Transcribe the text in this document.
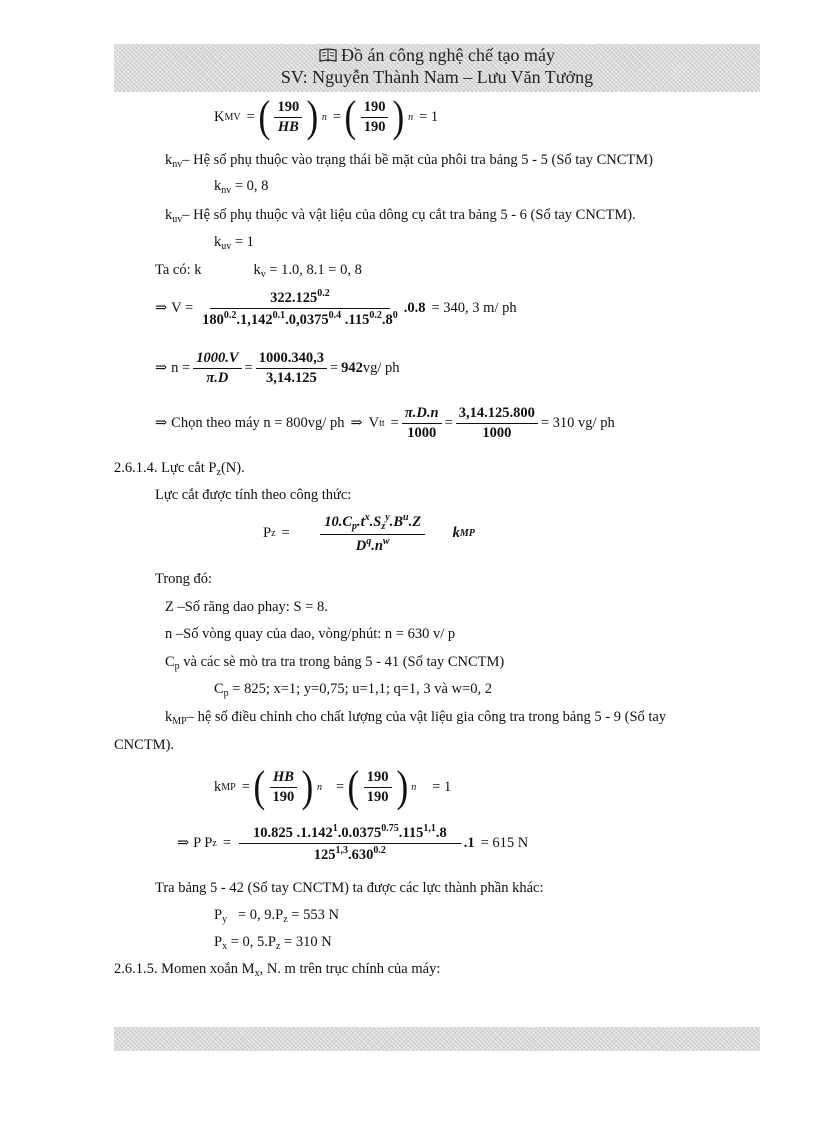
Đồ án công nghệ chế tạo máy
SV: Nguyễn Thành Nam – Lưu Văn Tưởng
K MV = ( $\frac{190}{HB}$ ) n = ( $\frac{190}{190}$ ) n = 1
$k_{nv}-$ Hệ số phụ thuộc vào trạng thái bề mặt của phôi tra bảng 5 - 5 (Sổ tay CNCTM)
$k_{nv} = 0$, 8
$k_{uv}-$ Hệ số phụ thuộc và vật liệu của dông cụ cắt tra bảng 5 - 6 (Sổ tay CNCTM).
$k_{uv} = 1$
Ta có: k	$k_v = 1.0$, 8.1 = 0, 8
⇒ $V = \frac{322.125^{0.2}}{180^{0.2}.1,142^{0.1}.0,0375^{0.4} .115^{0.2}.8^0} .0.8 = 340$, 3 m/ ph
⇒ $n = \frac{1000.V}{\pi.D} = \frac{1000.340,3}{3,14.125} = 942$ vg/ ph
⇒ Chọn theo máy n = 800vg/ ph ⇒ V tt = $\frac{\pi.D.n}{1000} = \frac{3,14.125.800}{1000} = 310$ vg/ ph
2.6.1.4. Lực cắt $P_z(N)$.
Lực cắt được tính theo công thức:
P $z = \frac{10.C_p.t^x.S_z^y.B^u.Z}{D^q.n^w}$ k MP
Trong đó:
Z –Số răng dao phay: S = 8.
n –Số vòng quay của dao, vòng/phút: n = 630 v/ p
$C_p$ và các sè mò tra tra trong bảng 5 - 41 (Sổ tay CNCTM)
$C_p = 825$; x=1; y=0,75; u=1,1; q=1, 3 và w=0, 2
$k_{MP}-$ hệ số điều chỉnh cho chất lượng của vật liệu gia công tra trong bảng 5 - 9 (Sổ tay
CNCTM).
k MP = ( $\frac{HB}{190}$ ) n = ( $\frac{190}{190}$ ) n = 1
⇒ P P $z = \frac{10.825 .1.142^1.0.0375^{0.75}.115^{1,1}.8}{125^{1,3}.630^{0.2}} .1 = 615$ N
Tra bảng 5 - 42 (Sổ tay CNCTM) ta được các lực thành phần khác:
$P_y = 0$, $9.P_z = 553$ N
$P_x = 0$, $5.P_z = 310$ N
2.6.1.5. Momen xoắn $M_x$, N. m trên trục chính của máy:
